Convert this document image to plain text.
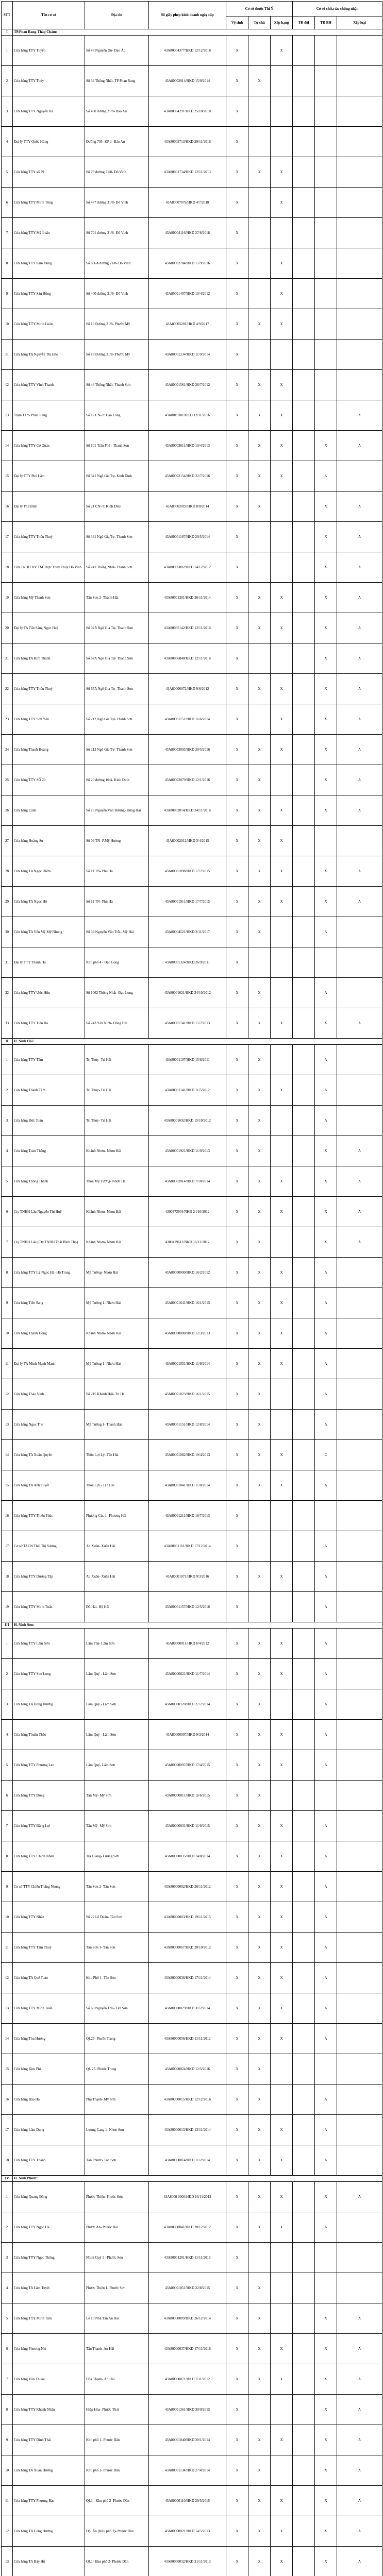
STT	Tên cơ sở	Địa chỉ	Số giấy phép kinh doanh ngày cấp	Cơ sở thuộc Thí Ý			Cơ sở chứa tác chứng nhận		
				Vệ sinh	Tự chủ	Xếp hạng	TĐ đội	TĐ BH	Xếp loại
I	TP.Phan Rang-Tháp Chàm:								
1	Cửa hàng TTY Tuyến	Số 48 Nguyễn Du- Đạo Áo	43A80004377/HKD 12/12/2018	X		X			
2	Cửa hàng TTY Thủy	Số 34 Thống Nhất- TP Phan Rang	43A80002014/HKD 15/9/2014	X	X				
3	Cửa hàng TTY Nguyễn Hà	Số 460 đường 21/8- Bảo An	43A80004291/HKD 25/10/2018	X					
4	Đại lý TTY Quốc Hùng	Đường 705- KP 1- Bảo An	43A80002713/HKD 29/11/2016	X					
5	Cửa hàng TTY số 79	Số 79 đường 21/8- Đô Vinh	43A80001734/HKD 12/11/2013	X	X	X			
6	Cửa hàng TTY Minh Tùng	Số 477 đường 21/8- Đô Vinh	43A80007876/HKD 4/7/2018	X		X			
7	Cửa hàng TTY Mỹ Luận	Số 701 đường 21/8- Đô Vinh	43A80004116/HKD 27/8/2018	X					
8	Cửa hàng TTY Kim Dung	Số 696A đường 21/8- Đô Vinh	43A80002784/HKD 15/9/2016	X		X			
9	Cửa hàng TTY Sáu Hồng	Số 400 đường 21/8- Đô Vinh	43A80001407/HKD 10/4/2012	X		X			
10	Cửa hàng TTY Minh Luân	Số 16 Đường 21/8- Phước Mỹ	43A80005201/HKD 4/9/2017	X	X	X			
11	Cửa hàng TA Nguyễn Thị Hào	Số 18 Đường 21/8- Phước Mỹ	43A80001234/HKD 11/9/2014	X					
12	Cửa hàng TTY Vĩnh Thạnh	Số 46 Thống Nhất- Thanh Sơn	43A80001561/HKD 26/7/2012	X	X	X			
13	Trạm TTY- Phan Rang	Số 12 CN- P. Đạo Long	43A8019301/HKD 12/11/2016	X	X	X			X
14	Cửa hàng TTY Cơ Quán	Số 101 Trần Phú - Thanh Sơn	43A80003611/HKD 19/4/2013	X	X	X		X	A
15	Đại lý TTY Phú Lâm	Số 341 Ngô Gia Tự- Kinh Dinh	43A80002154/HKD 22/7/2016	X	X	X		A	
16	Đại lý Phú Bình	Số 21 CN- P. Kinh Dinh	43A80002019/HKD 8/8/2014	X	X			X	A
17	Cửa hàng TTY Triều Thuý	Số 341 Ngô Gia Tự- Thanh Sơn	43A80001187/HKD 29/5/2014	X				X	A
18	Cửa TNHH DV TM Thực Thuý Thuý Đô Vinh	Số 241 Thống Nhất- Thanh Sơn	43A80005082/HKD 14/12/2012	X				X	A
19	Cửa hàng Mỹ Thanh Sơn	Tân Sơn 2- Thành Hải	43A80001301/HKD 26/11/2014	X	X	X		X	A
20	Đại lý TA Tấn Sảng Ngọc Huệ	Số 02A Ngô Gia Tự- Thanh Sơn	43A80005142/HKD 12/11/2016	X	X	X		X	A
21	Cửa hàng TA Kim Thành	Số 67A Ngô Gia Tự- Thanh Sơn	43A80006040/HKD 12/11/2016	X				X	A
22	Cửa hàng TTY Triều Thuý	Số 67A Ngô Gia Tự- Thanh Sơn	43A80006072/HKD 9/6/2012	X	X	X		X	A
23	Cửa hàng TTY Sơn Yến	Số 212 Ngô Gia Tự- Thanh Sơn	43A80001151/HKD 16/6/2014	X		X		X	A
24	Cửa hàng Thanh Hoàng	Số 212 Ngô Gia Tự- Thanh Sơn	43A80003003/HKD 29/5/2016	X	X	X		X	A
25	Cửa hàng TTY SỐ 20	Số 20 đường 16/4- Kinh Dinh	43A80002079/HKD 12/1/2016	X	X			X	A
26	Cửa hàng Cảnh	Số 26 Nguyễn Văn Đường- Đông Hải	43A80002014/HKD 24/11/2016	X	X	X		X	A
27	Cửa hàng Hoàng Sư	Số 06 TN- P.Mỹ Hương	43A80002012/HKD 3/4/2015	X	X	X			
28	Cửa hàng TA Ngọc Diễm	Số 11 TN- Phủ Hà	43A80001898/HKD 17/7/2015	X	X	X		X	A
29	Cửa hàng TA Ngọc Hồ	Số 11 TN- Phủ Hà	43A80001911/HKD 17/7/2015	X	X	X		X	A
30	Cửa hàng TA Yến Mỹ Mỹ Nhung	Số 39 Nguyễn Văn Trỗi- Mỹ Hải	43A80004521/HKD 2/11/2017	X	X			A	
31	Đại lý TTY Thanh Hà	Khu phố 4 - Đạo Long	43A80001324/HKD 26/9/2011	X					
32	Cửa hàng TTY Ước Hữu	Số 1062 Thống Nhất- Đạo Long	43A80001621/HKD 24/10/2012	X	X			A	
33	Cửa hàng TTY Tiến Hà	Số 243 Yên Ninh- Đông Hải	43A80001741/HKD 15/7/2013	X	X	X		X	A
II	H. Ninh Hải:								
1	Cửa hàng TTY Tâm	Tri Thủy- Tri Hải	43A80001107/HKD 15/8/2011	X	X			A	
2	Cửa hàng Thanh Tâm	Tri Thủy- Tri Hải	43A80001141/HKD 11/5/2012	X	X	X		A	
3	Cửa hàng Đức Toàn	Tri Thủy- Tri Hải	43A80001692/HKD 15/10/2012	X	X			A	
4	Cửa hàng Toàn Thắng	Khánh Nhơn- Nhơn Hải	43A80001921/HKD 11/9/2013	X	X			X	A
5	Cửa hàng Thông Thành	Thôn Mỹ Tường- Nhơn Hải	43A80002014/HKD 7/10/2014	X	X	X		X	A
6	Cty TNHH Lâu Nguyễn Thị Huệ	Khánh Nhơn- Nhơn Hải	4300373904/NKĐ 24/10/2012	X	X	X		X	A
7	Cty TNHH Lâu (Cty TNHH Thái Bình Thọ)	Khánh Nhơn- Nhơn Hải	4300419612/NKĐ 16/12/2012	X	X			X	A
8	Cửa hàng TTY Lý Ngọc Hà- Hồ Trung	Mỹ Tường- Nhơn Hải	43A80000000/HKD 16/2/2012	X	X	X		A	
9	Cửa hàng Tiến Sang	Mỹ Tường 1- Nhơn Hải	43A80001641/HKD 16/1/2015	X	X	X		A	
10	Cửa hàng Thanh Đồng	Khánh Nhơn- Nhơn Hải	43A80000000/HKD 12/3/2013	X	X	X		A	
11	Đại lý TA Minh Mạnh Mạnh	Mỹ Tường 1- Nhơn Hải	43A80001051/HKD 11/9/2014	X	X	X		A	
12	Cửa hàng Thảo Vinh	Số 215 Khánh Hội- Tri Hải	43A80001023/HKD 16/1/2015	X	X			A	
13	Cửa hàng Ngọc Thơ	Mỹ Tường 1- Thanh Hải	43A80001151/HKD 12/8/2014	X	X			A	
14	Cửa hàng TA Xuân Quyên	Thôn Lợi Lý- Tân Hải	43A80001082/HKD 19/4/2013	X	X	X		C	
15	Cửa hàng TA Anh Tuyết	Thôn Lợi - Tân Hải	43A80001041/HKD 11/8/2014	X	X	X		A	
16	Cửa hàng TTY Thiên Phúc	Phương Cúc 1- Phương Hải	43A80001211/HKD 18/7/2013	X					
17	Cơ sở TACN Thái Thị Sương	An Xuân- Xuân Hải	43A80001161/HKD 17/12/2014	X				A	
18	Cửa hàng TTY Dương Tập	An Xuân- Xuân Hải	43A80001071/HKD 9/3/2016	X	X	X		A	
19	Cửa hàng TTY Minh Tuấn	Đô Hải- Hộ Hải	43A80001157/HKD 12/5/2016	X				A	
III	H. Ninh Sơn:								
1	Cửa hàng TTY Lâm Sơn	Lâm Phú- Lâm Sơn	43A80000011/HKD 6/4/2012	X	X	X		A	
2	Cửa hàng TTY Sơn Long	Lâm Quý - Lâm Sơn	43A80000021/HKD 11/7/2014	X	X	X		A	
3	Cửa hàng TA Đông Hương	Lâm Quý - Lâm Sơn	43A80000120/HKD 27/7/2014	X	X			A	
4	Cửa hàng Thuần Thảo	Lâm Quý - Lâm Sơn	43A80000007/HKD 9/3/2014	X	X	X		A	
5	Cửa hàng TTY Phương Lan	Lâm Quý- Lâm Sơn	43A80000097/HKD 17/4/2015	X	X	X		A	
6	Cửa hàng TTY Đông	Tân Mỹ- Mỹ Sơn	43A80000011/HKD 16/6/2015	X	X				
7	Cửa hàng TTY Đăng Lợi	Tân Mỹ- Mỹ Sơn	43A80000031/HKD 11/9/2015	X	X	X		A	
8	Cửa hàng TTY Chính Nhân	Trà Giang- Lương Sơn	43A80000035/HKD 14/8/2014	X	X	X		A	
9	Cơ sở TTY Chiến Thắng Nhung	Tân Sơn 2- Tân Sơn	43A80000092/HKD 26/11/2012	X	X	X		A	
10	Cửa hàng TTY Nhàn	Số 22 Lê Duẩn- Tân Sơn	43A80000003/HKD 19/11/2015	X	X	X		A	
11	Cửa hàng TTY Tâm Thuỳ	Tân Sơn 1- Tân Sơn	43A80000067/HKD 28/10/2012	X	X	X		A	
12	Cửa hàng TA Quế Toàn	Khu Phố 1- Tân Sơn	43A80000036/HKD 17/11/2014	X	X	X		A	
13	Cửa hàng TTY Minh Tuấn	Số 60 Nguyễn Trãi- Tân Sơn	43A80000079/HKD 3/12/2014	X	X	X		A	
14	Cửa hàng Thu Hương	QL27- Phước Trung	43A80000056/HKD 11/11/2012	X	X	X		A	
15	Cửa hàng Kim Phí	QL 27- Phước Trung	43A80000024/HKD 12/5/2016	X	X				
16	Cửa hàng Bảo Hà	Phú Thạnh- Mỹ Sơn	43A80000015/HKD 12/12/2016	X	X			A	
17	Cửa hàng Lâm Dung	Lương Cang 1- Nhơn Sơn	43A80000013/HKD 13/11/2014	X	X	X		A	
18	Cửa hàng TTY Thanh	Tân Phước- Tân Sơn	43A80000014/HKD 11/2/2014	X	X	X		A	
IV	H. Ninh Phước:								
1	Cửa hàng Quang Đông	Phước Thiện- Phước Sơn	43A8000 0000/HKD 16/11/2013	X	X	X		X	A
2	Cửa hàng TTY Ngọc Hà	Phước An- Phước Hải	43A80000041/HKD 28/12/2012	X	X	X		A	
3	Cửa hàng TTY Ngọc Thông	Nhơn Quý 1 - Phước Sơn	43A80001201/HKD 11/11/2015	X					
4	Cửa hàng TA Lâm Tuyết	Phước Thiện 1- Phước Sơn	43A80001051/HKD 22/8/2015	X	X				
5	Cửa hàng TTY Minh Tâm	Lê 10 Nhà Tân An Hải	43A80000009/HKD 26/12/2014	X	X			X	A
6	Cửa hàng Phương Nhi	Tân Thạnh- An Hải	43A80000037/HKD 17/11/2016	X	X	X		X	A
7	Cửa hàng Văn Thuận	Hòa Thạnh- An Hải	43A80000071/HKD 7/11/2012	X	X	X		X	A
8	Cửa hàng TTY Khanh Nhân	Hiệp Hòa- Phước Thái	43A80001361/HKD 30/9/2015	X				X	A
9	Cửa hàng TTY Đình Thái	Khu phố 1- Phước Dân	43A80001040/HKD 20/1/2014	X	X	X		X	A
10	Cửa hàng TA Xuân Hường	Khu phố 2- Phước Dân	43A80001134/HKD 27/4/2014	X	X			X	A
11	Cửa hàng TTY Phương Bảo	QL1 - Khu phố 2- Phước Dân	43A80000110/HKD 29/5/2015	X	X	X		X	A
12	Cửa hàng TA Công Hưởng	Đội Ấn (Khu phố 2)- Phước Dân	43A80000021/HKD 14/5/2013	X	X	X		X	A
13	Cửa hàng TA Bảy Hồ	QL1- Khu phố 2- Phước Dân	43A80000032/HKD 21/11/2013	X	X	X		X	A
